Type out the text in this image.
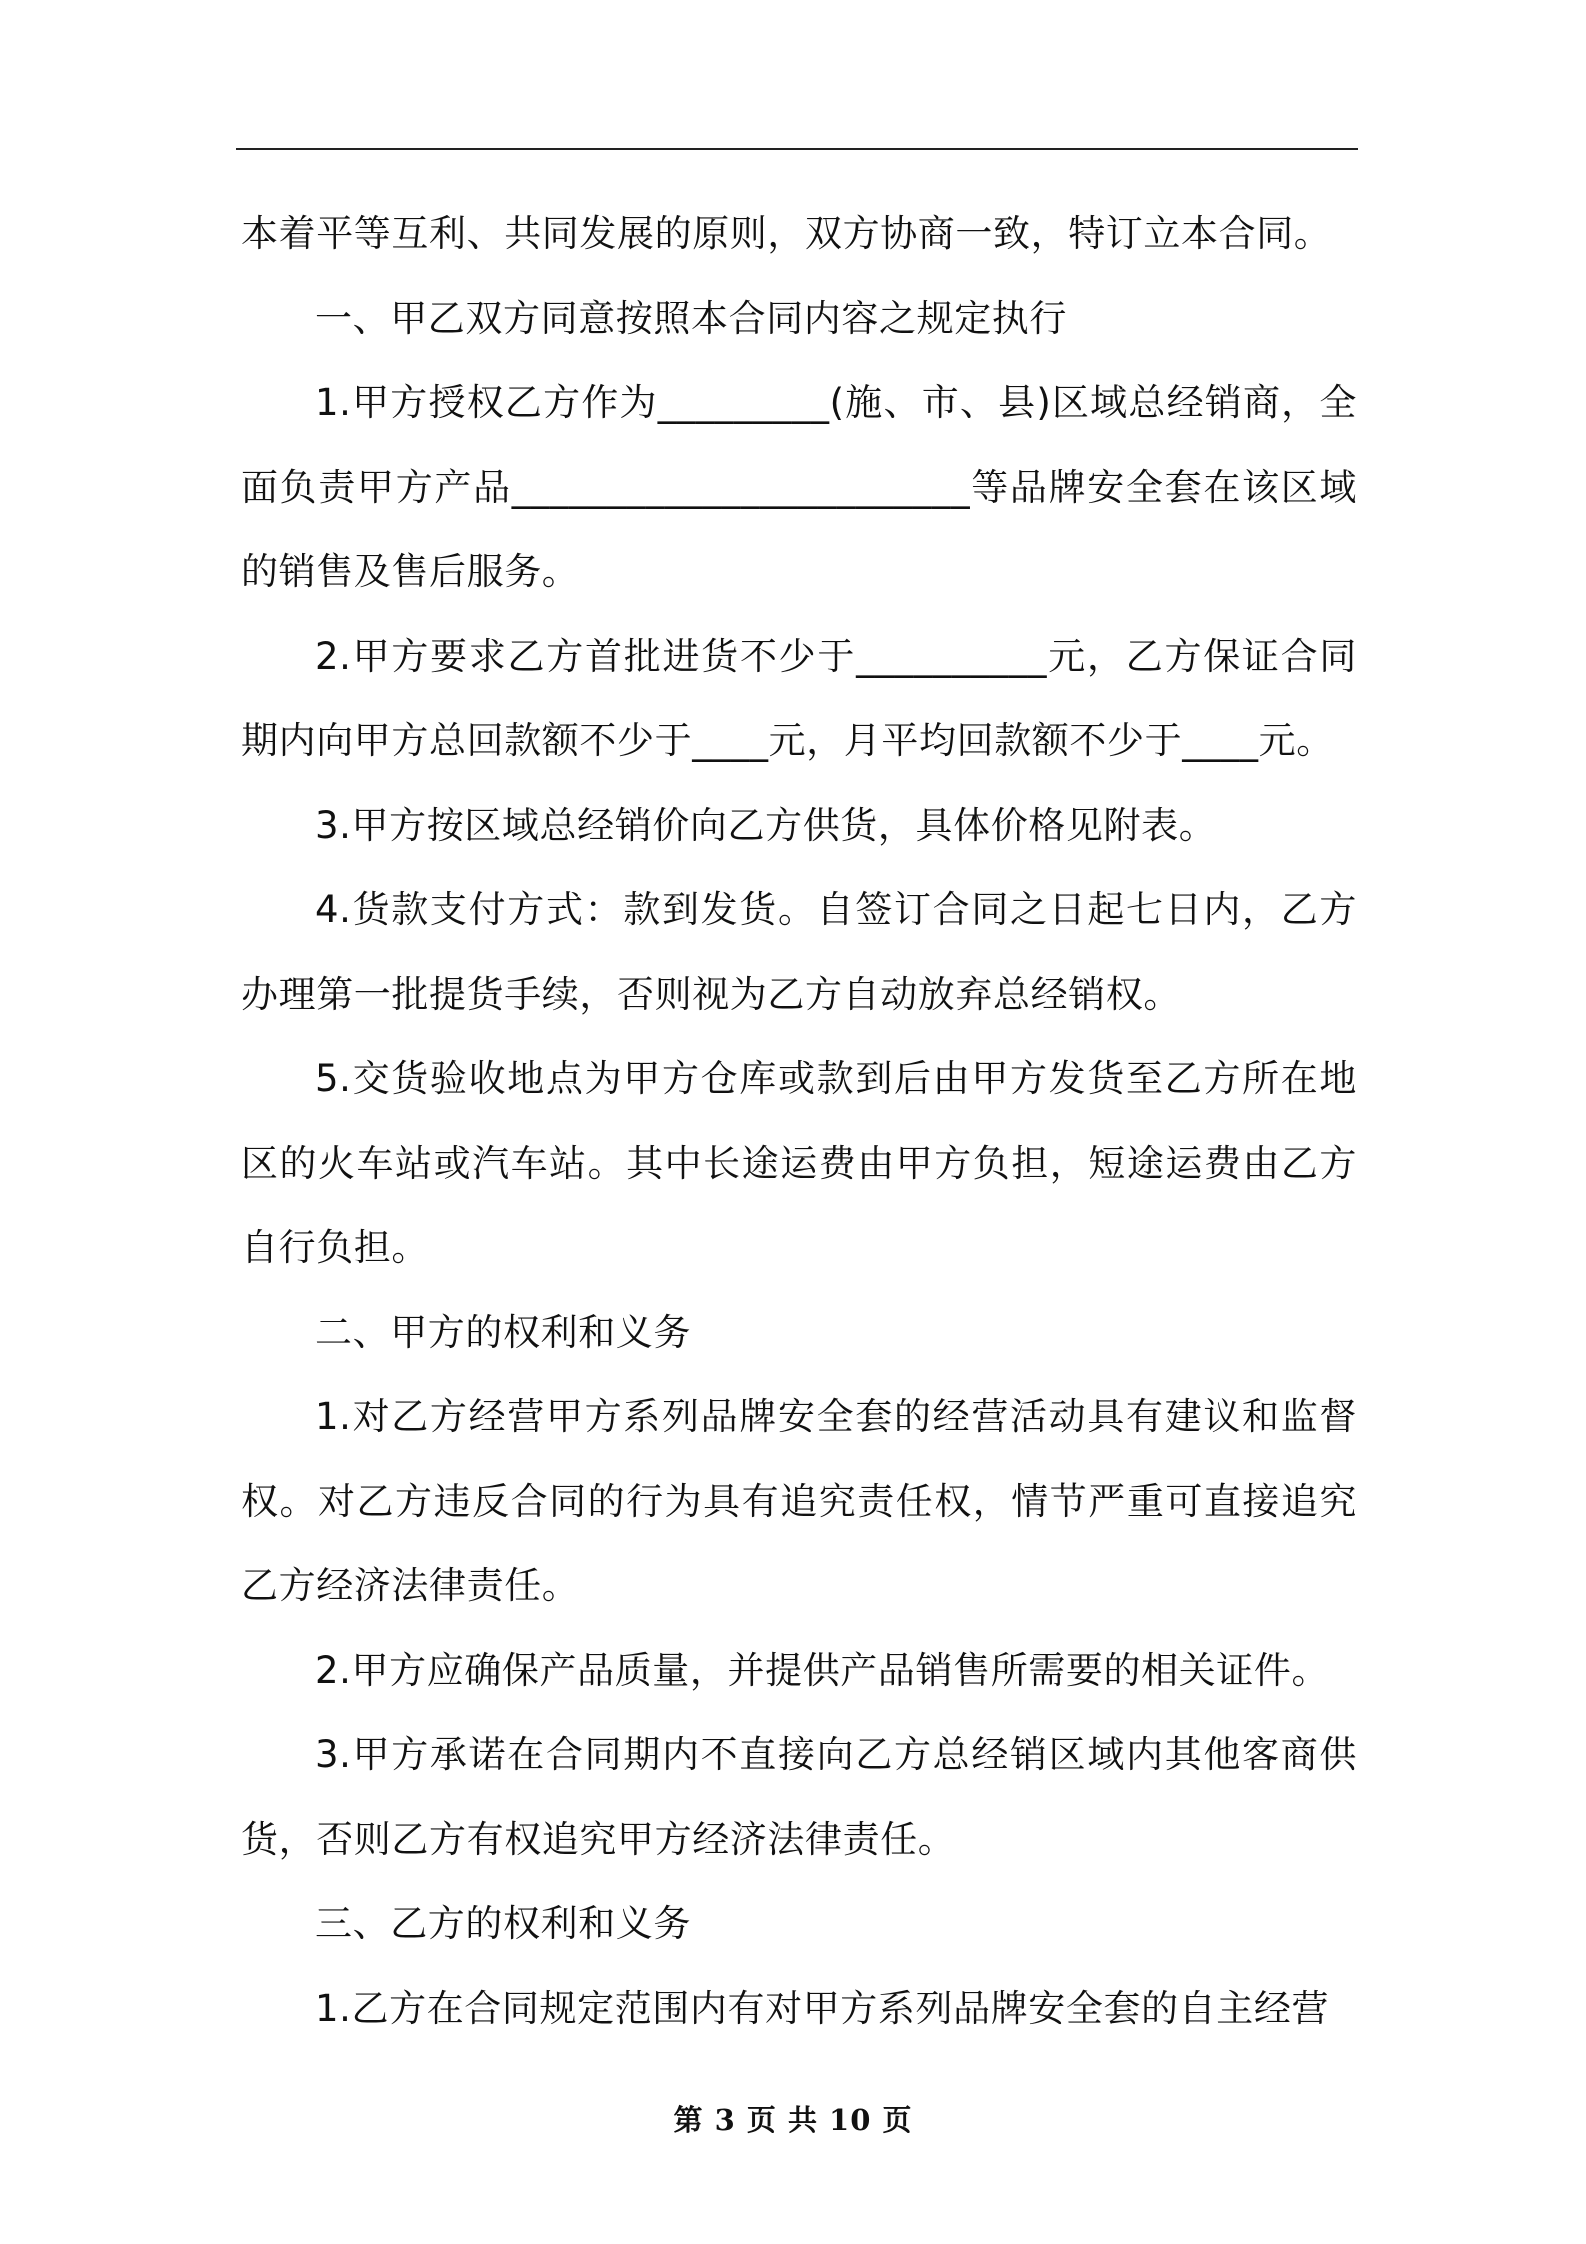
本着平等互利、共同发展的原则，双方协商一致，特订立本合同。

一、甲乙双方同意按照本合同内容之规定执行

1.甲方授权乙方作为_________(施、市、县)区域总经销商，全面负责甲方产品________________________等品牌安全套在该区域的销售及售后服务。

2.甲方要求乙方首批进货不少于__________元，乙方保证合同期内向甲方总回款额不少于____元，月平均回款额不少于____元。

3.甲方按区域总经销价向乙方供货，具体价格见附表。

4.货款支付方式：款到发货。自签订合同之日起七日内，乙方办理第一批提货手续，否则视为乙方自动放弃总经销权。

5.交货验收地点为甲方仓库或款到后由甲方发货至乙方所在地区的火车站或汽车站。其中长途运费由甲方负担，短途运费由乙方自行负担。

二、甲方的权利和义务

1.对乙方经营甲方系列品牌安全套的经营活动具有建议和监督权。对乙方违反合同的行为具有追究责任权，情节严重可直接追究乙方经济法律责任。

2.甲方应确保产品质量，并提供产品销售所需要的相关证件。

3.甲方承诺在合同期内不直接向乙方总经销区域内其他客商供货，否则乙方有权追究甲方经济法律责任。

三、乙方的权利和义务

1.乙方在合同规定范围内有对甲方系列品牌安全套的自主经营

第 3 页 共 10 页
